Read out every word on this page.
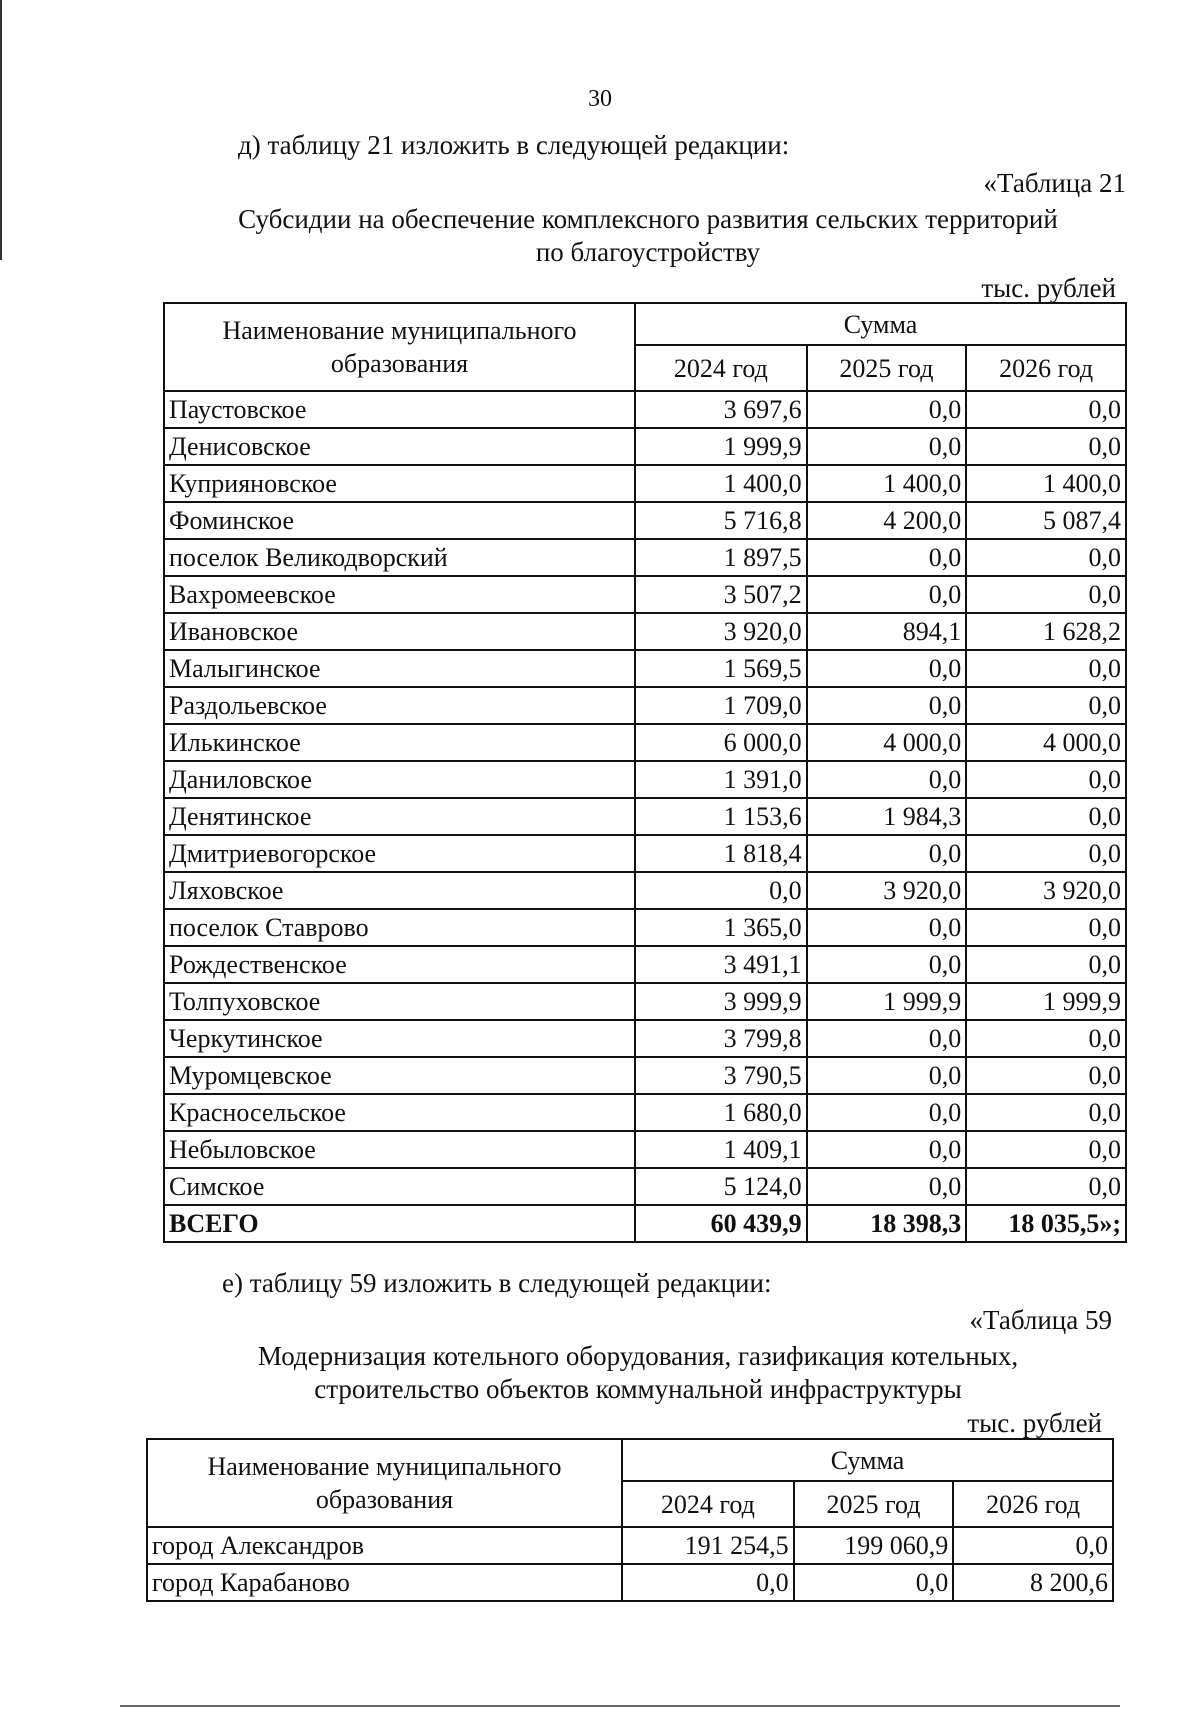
30
д) таблицу 21 изложить в следующей редакции:
«Таблица 21
Субсидии на обеспечение комплексного развития сельских территорий
по благоустройству
тыс. рублей
Наименование муниципального образования	Сумма		
	2024 год	2025 год	2026 год
Паустовское	3 697,6	0,0	0,0
Денисовское	1 999,9	0,0	0,0
Куприяновское	1 400,0	1 400,0	1 400,0
Фоминское	5 716,8	4 200,0	5 087,4
поселок Великодворский	1 897,5	0,0	0,0
Вахромеевское	3 507,2	0,0	0,0
Ивановское	3 920,0	894,1	1 628,2
Малыгинское	1 569,5	0,0	0,0
Раздольевское	1 709,0	0,0	0,0
Илькинское	6 000,0	4 000,0	4 000,0
Даниловское	1 391,0	0,0	0,0
Денятинское	1 153,6	1 984,3	0,0
Дмитриевогорское	1 818,4	0,0	0,0
Ляховское	0,0	3 920,0	3 920,0
поселок Ставрово	1 365,0	0,0	0,0
Рождественское	3 491,1	0,0	0,0
Толпуховское	3 999,9	1 999,9	1 999,9
Черкутинское	3 799,8	0,0	0,0
Муромцевское	3 790,5	0,0	0,0
Красносельское	1 680,0	0,0	0,0
Небыловское	1 409,1	0,0	0,0
Симское	5 124,0	0,0	0,0
ВСЕГО	60 439,9	18 398,3	18 035,5»;
е) таблицу 59 изложить в следующей редакции:
«Таблица 59
Модернизация котельного оборудования, газификация котельных,
строительство объектов коммунальной инфраструктуры
тыс. рублей
Наименование муниципального образования	Сумма		
	2024 год	2025 год	2026 год
город Александров	191 254,5	199 060,9	0,0
город Карабаново	0,0	0,0	8 200,6
